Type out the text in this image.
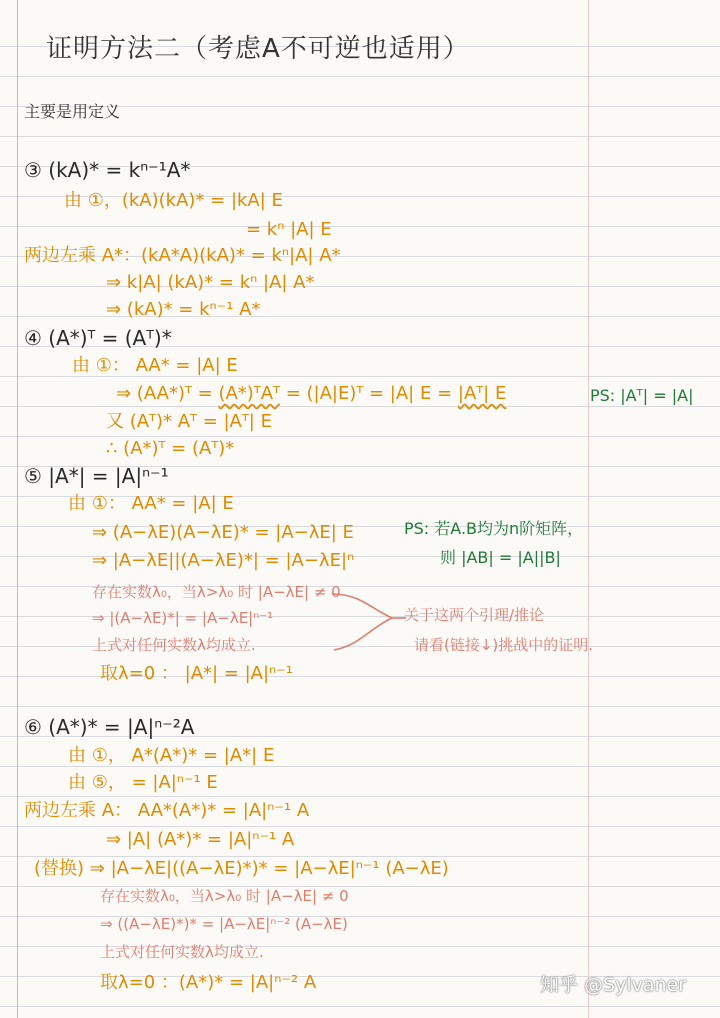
证明方法二（考虑A不可逆也适用）
主要是用定义
③ (kA)* = kⁿ⁻¹A*
由 ①，(kA)(kA)* = |kA| E
= kⁿ |A| E
两边左乘 A*：(kA*A)(kA)* = kⁿ|A| A*
⇒ k|A| (kA)* = kⁿ |A| A*
⇒ (kA)* = kⁿ⁻¹ A*
④ (A*)ᵀ = (Aᵀ)*
由 ①： AA* = |A| E
⇒ (AA*)ᵀ = (A*)ᵀAᵀ = (|A|E)ᵀ = |A| E = |Aᵀ| E	PS: |Aᵀ| = |A|
又 (Aᵀ)* Aᵀ = |Aᵀ| E
∴ (A*)ᵀ = (Aᵀ)*
⑤ |A*| = |A|ⁿ⁻¹
由 ①： AA* = |A| E
⇒ (A−λE)(A−λE)* = |A−λE| E	PS: 若A.B均为n阶矩阵，
⇒ |A−λE||(A−λE)*| = |A−λE|ⁿ	则 |AB| = |A||B|
存在实数λ₀，当λ>λ₀ 时 |A−λE| ≠ 0
⇒ |(A−λE)*| = |A−λE|ⁿ⁻¹	关于这两个引理/推论
上式对任何实数λ均成立.	请看(链接↓)挑战中的证明.
取λ=0 ： |A*| = |A|ⁿ⁻¹
⑥ (A*)* = |A|ⁿ⁻²A
由 ①， A*(A*)* = |A*| E
由 ⑤， = |A|ⁿ⁻¹ E
两边左乘 A： AA*(A*)* = |A|ⁿ⁻¹ A
⇒ |A| (A*)* = |A|ⁿ⁻¹ A
(替换) ⇒ |A−λE|((A−λE)*)* = |A−λE|ⁿ⁻¹ (A−λE)
存在实数λ₀，当λ>λ₀ 时 |A−λE| ≠ 0
⇒ ((A−λE)*)* = |A−λE|ⁿ⁻² (A−λE)
上式对任何实数λ均成立.
取λ=0 ：(A*)* = |A|ⁿ⁻² A	知乎 @Sylvaner
